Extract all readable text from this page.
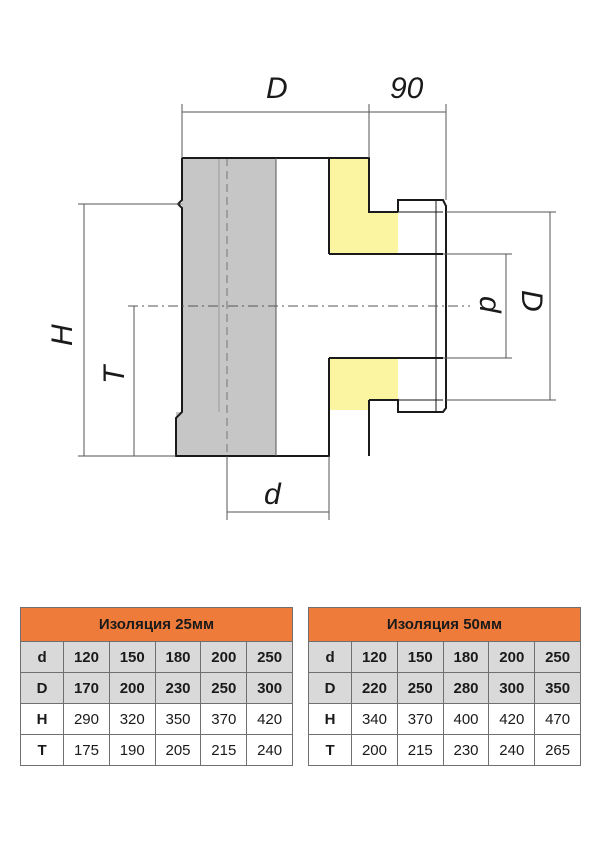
D	90
H
T
d
d D
Изоляция 25мм					
d	120	150	180	200	250
D	170	200	230	250	300
H	290	320	350	370	420
T	175	190	205	215	240
Изоляция 50мм					
d	120	150	180	200	250
D	220	250	280	300	350
H	340	370	400	420	470
T	200	215	230	240	265
